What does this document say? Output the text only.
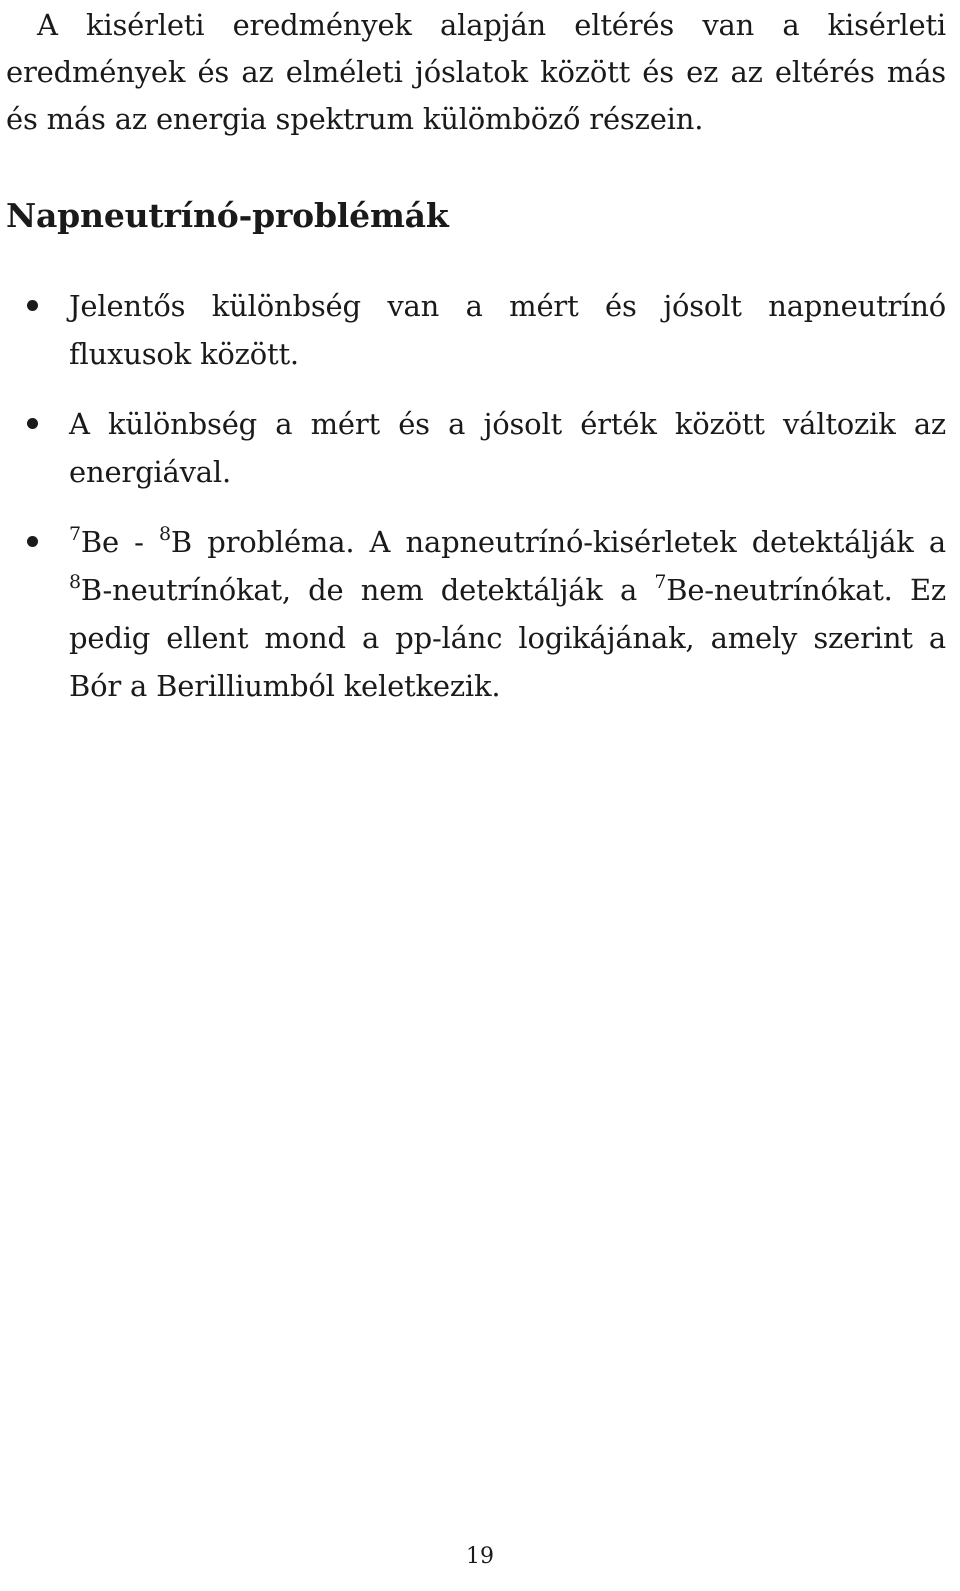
A kisérleti eredmények alapján eltérés van a kisérleti eredmények és az elméleti jóslatok között és ez az eltérés más és más az energia spektrum külömböző részein.

Napneutrínó-problémák
Jelentős különbség van a mért és jósolt napneutrínó fluxusok között.
A különbség a mért és a jósolt érték között változik az energiával.
$^7$Be - $^8$B probléma. A napneutrínó-kisérletek detektálják a $^8$B-neutrínókat, de nem detektálják a $^7$Be-neutrínókat. Ez pedig ellent mond a pp-lánc logikájának, amely szerint a Bór a Berilliumból keletkezik.
19
